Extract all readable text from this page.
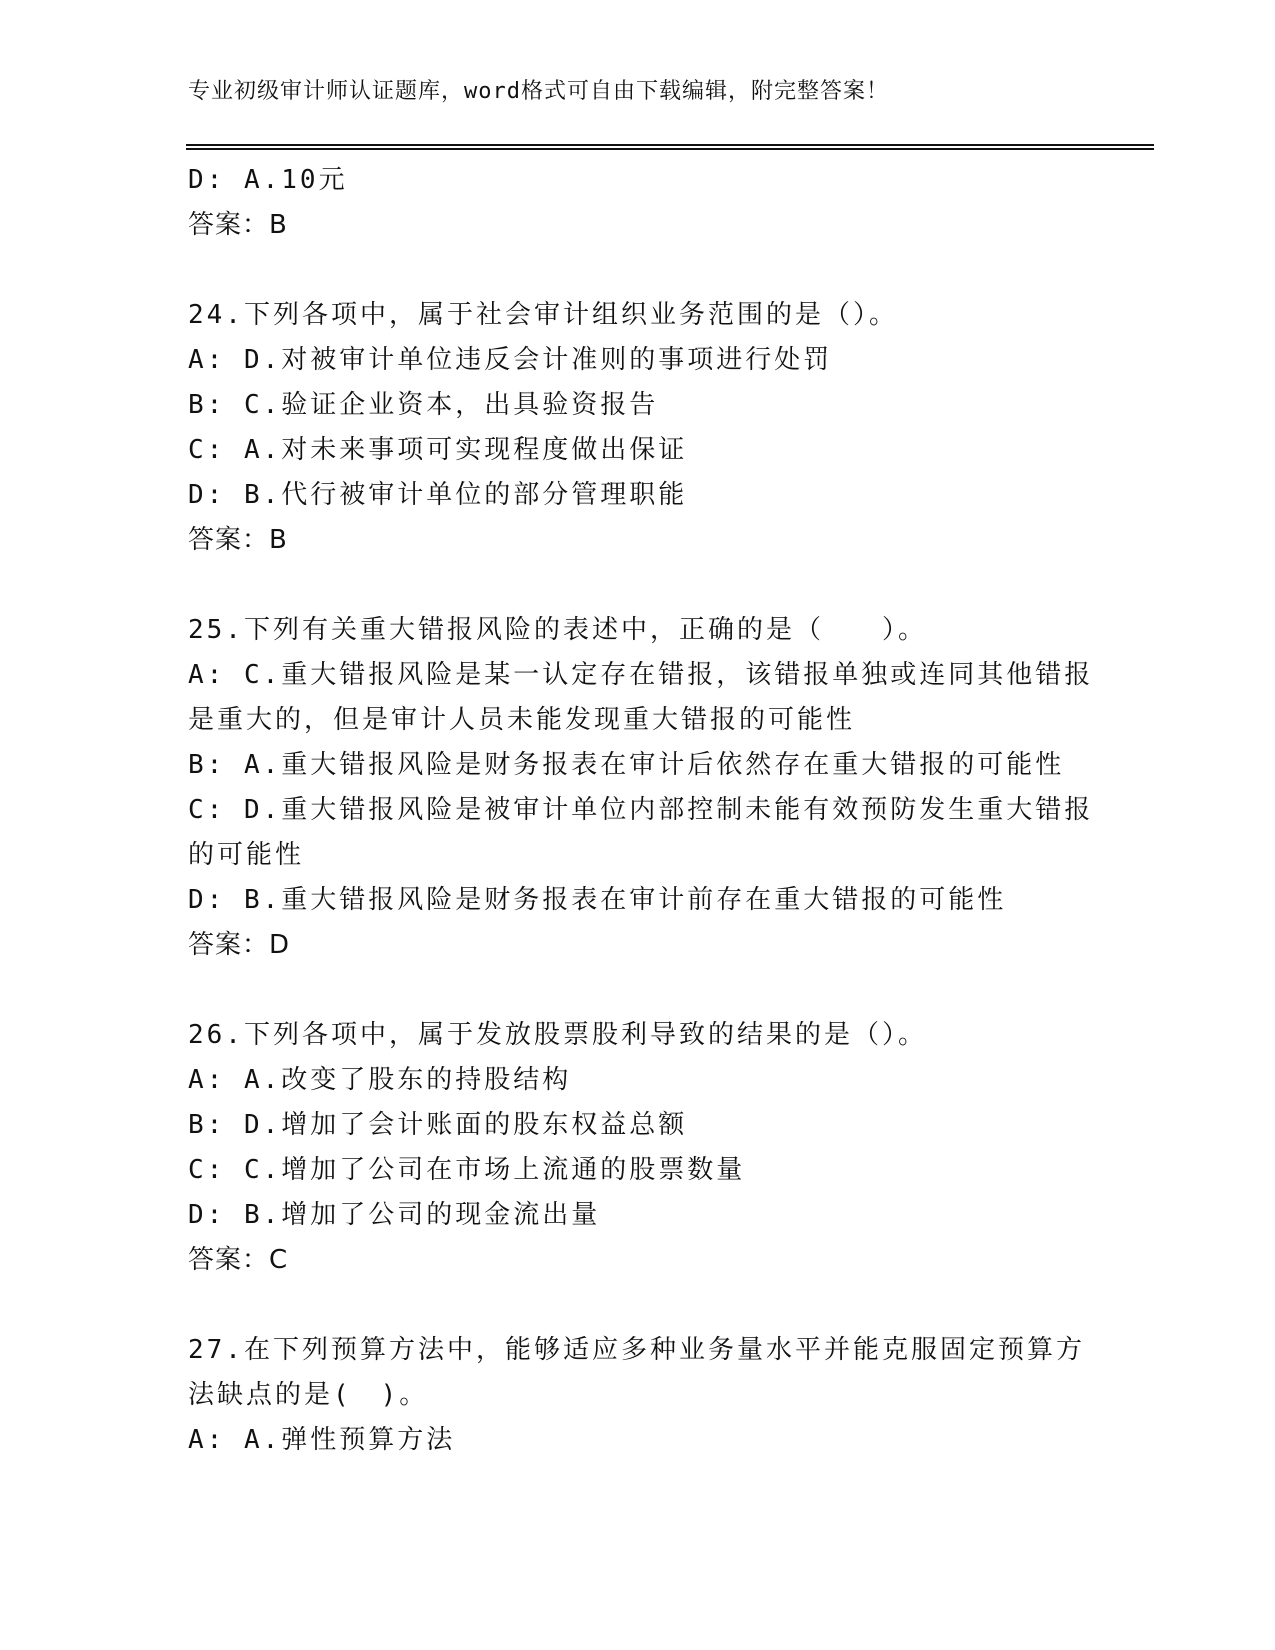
专业初级审计师认证题库，word格式可自由下载编辑，附完整答案！
D: A.10元
答案：B
24.下列各项中，属于社会审计组织业务范围的是（）。
A: D.对被审计单位违反会计准则的事项进行处罚
B: C.验证企业资本，出具验资报告
C: A.对未来事项可实现程度做出保证
D: B.代行被审计单位的部分管理职能
答案：B
25.下列有关重大错报风险的表述中，正确的是（　　）。
A: C.重大错报风险是某一认定存在错报，该错报单独或连同其他错报
是重大的，但是审计人员未能发现重大错报的可能性
B: A.重大错报风险是财务报表在审计后依然存在重大错报的可能性
C: D.重大错报风险是被审计单位内部控制未能有效预防发生重大错报
的可能性
D: B.重大错报风险是财务报表在审计前存在重大错报的可能性
答案：D
26.下列各项中，属于发放股票股利导致的结果的是（）。
A: A.改变了股东的持股结构
B: D.增加了会计账面的股东权益总额
C: C.增加了公司在市场上流通的股票数量
D: B.增加了公司的现金流出量
答案：C
27.在下列预算方法中，能够适应多种业务量水平并能克服固定预算方
法缺点的是(　)。
A: A.弹性预算方法
